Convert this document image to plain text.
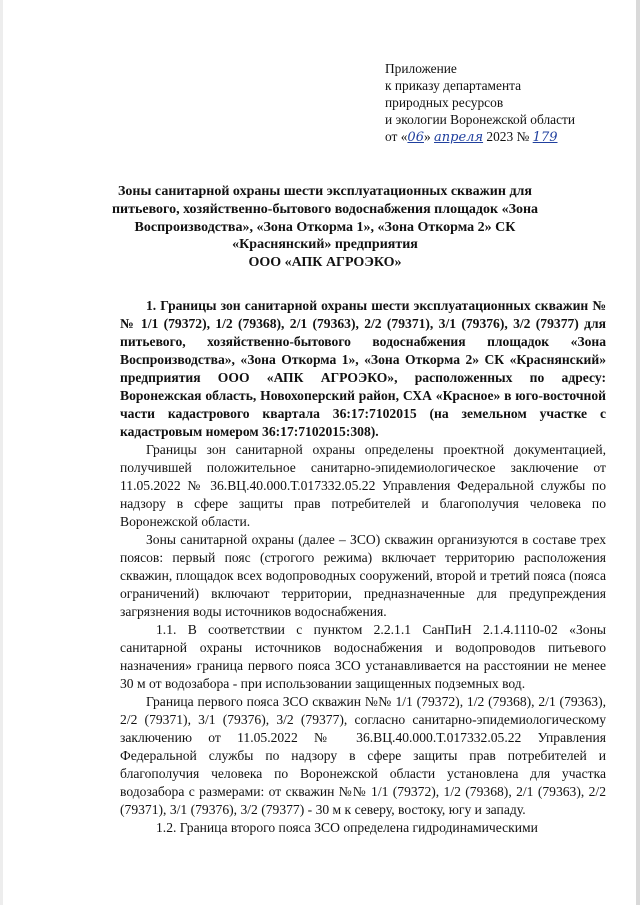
Приложение
к приказу департамента
природных ресурсов
и экологии Воронежской области
от «06» апреля 2023 № 179
Зоны санитарной охраны шести эксплуатационных скважин для
питьевого, хозяйственно-бытового водоснабжения площадок «Зона
Воспроизводства», «Зона Откорма 1», «Зона Откорма 2» СК
«Краснянский» предприятия
ООО «АПК АГРОЭКО»

1. Границы зон санитарной охраны шести эксплуатационных скважин №№ 1/1 (79372), 1/2 (79368), 2/1 (79363), 2/2 (79371), 3/1 (79376), 3/2 (79377) для питьевого, хозяйственно-бытового водоснабжения площадок «Зона Воспроизводства», «Зона Откорма 1», «Зона Откорма 2» СК «Краснянский» предприятия ООО «АПК АГРОЭКО», расположенных по адресу: Воронежская область, Новохоперский район, СХА «Красное» в юго-восточной части кадастрового квартала 36:17:7102015 (на земельном участке с кадастровым номером 36:17:7102015:308).

Границы зон санитарной охраны определены проектной документацией, получившей положительное санитарно-эпидемиологическое заключение от 11.05.2022 № 36.ВЦ.40.000.Т.017332.05.22 Управления Федеральной службы по надзору в сфере защиты прав потребителей и благополучия человека по Воронежской области.

Зоны санитарной охраны (далее – ЗСО) скважин организуются в составе трех поясов: первый пояс (строгого режима) включает территорию расположения скважин, площадок всех водопроводных сооружений, второй и третий пояса (пояса ограничений) включают территории, предназначенные для предупреждения загрязнения воды источников водоснабжения.

1.1. В соответствии с пунктом 2.2.1.1 СанПиН 2.1.4.1110-02 «Зоны санитарной охраны источников водоснабжения и водопроводов питьевого назначения» граница первого пояса ЗСО устанавливается на расстоянии не менее 30 м от водозабора - при использовании защищенных подземных вод.

Граница первого пояса ЗСО скважин №№ 1/1 (79372), 1/2 (79368), 2/1 (79363), 2/2 (79371), 3/1 (79376), 3/2 (79377), согласно санитарно-эпидемиологическому заключению от 11.05.2022 № 36.ВЦ.40.000.Т.017332.05.22 Управления Федеральной службы по надзору в сфере защиты прав потребителей и благополучия человека по Воронежской области установлена для участка водозабора с размерами: от скважин №№ 1/1 (79372), 1/2 (79368), 2/1 (79363), 2/2 (79371), 3/1 (79376), 3/2 (79377) - 30 м к северу, востоку, югу и западу.

1.2. Граница второго пояса ЗСО определена гидродинамическими
